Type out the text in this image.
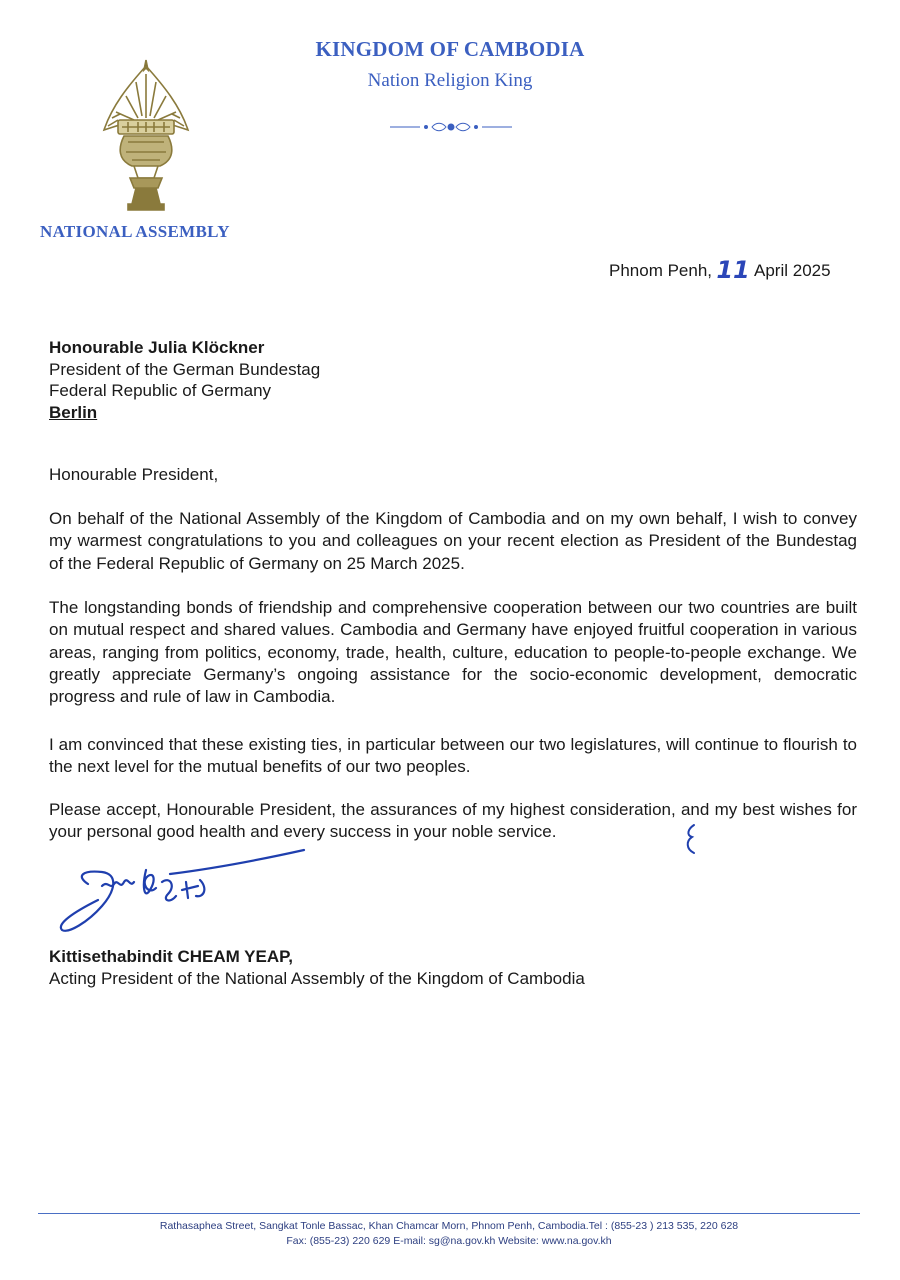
KINGDOM OF CAMBODIA
Nation Religion King
NATIONAL ASSEMBLY
Phnom Penh, 11 April 2025
Honourable Julia Klöckner
President of the German Bundestag
Federal Republic of Germany
Berlin
Honourable President,

On behalf of the National Assembly of the Kingdom of Cambodia and on my own behalf, I wish to convey my warmest congratulations to you and colleagues on your recent election as President of the Bundestag of the Federal Republic of Germany on 25 March 2025.

The longstanding bonds of friendship and comprehensive cooperation between our two countries are built on mutual respect and shared values. Cambodia and Germany have enjoyed fruitful cooperation in various areas, ranging from politics, economy, trade, health, culture, education to people-to-people exchange. We greatly appreciate Germany’s ongoing assistance for the socio-economic development, democratic progress and rule of law in Cambodia.

I am convinced that these existing ties, in particular between our two legislatures, will continue to flourish to the next level for the mutual benefits of our two peoples.

Please accept, Honourable President, the assurances of my highest consideration, and my best wishes for your personal good health and every success in your noble service.

Kittisethabindit CHEAM YEAP,
Acting President of the National Assembly of the Kingdom of Cambodia
Rathasaphea Street, Sangkat Tonle Bassac, Khan Chamcar Morn, Phnom Penh, Cambodia.Tel : (855-23 ) 213 535, 220 628
Fax: (855-23) 220 629 E-mail: sg@na.gov.kh Website: www.na.gov.kh
